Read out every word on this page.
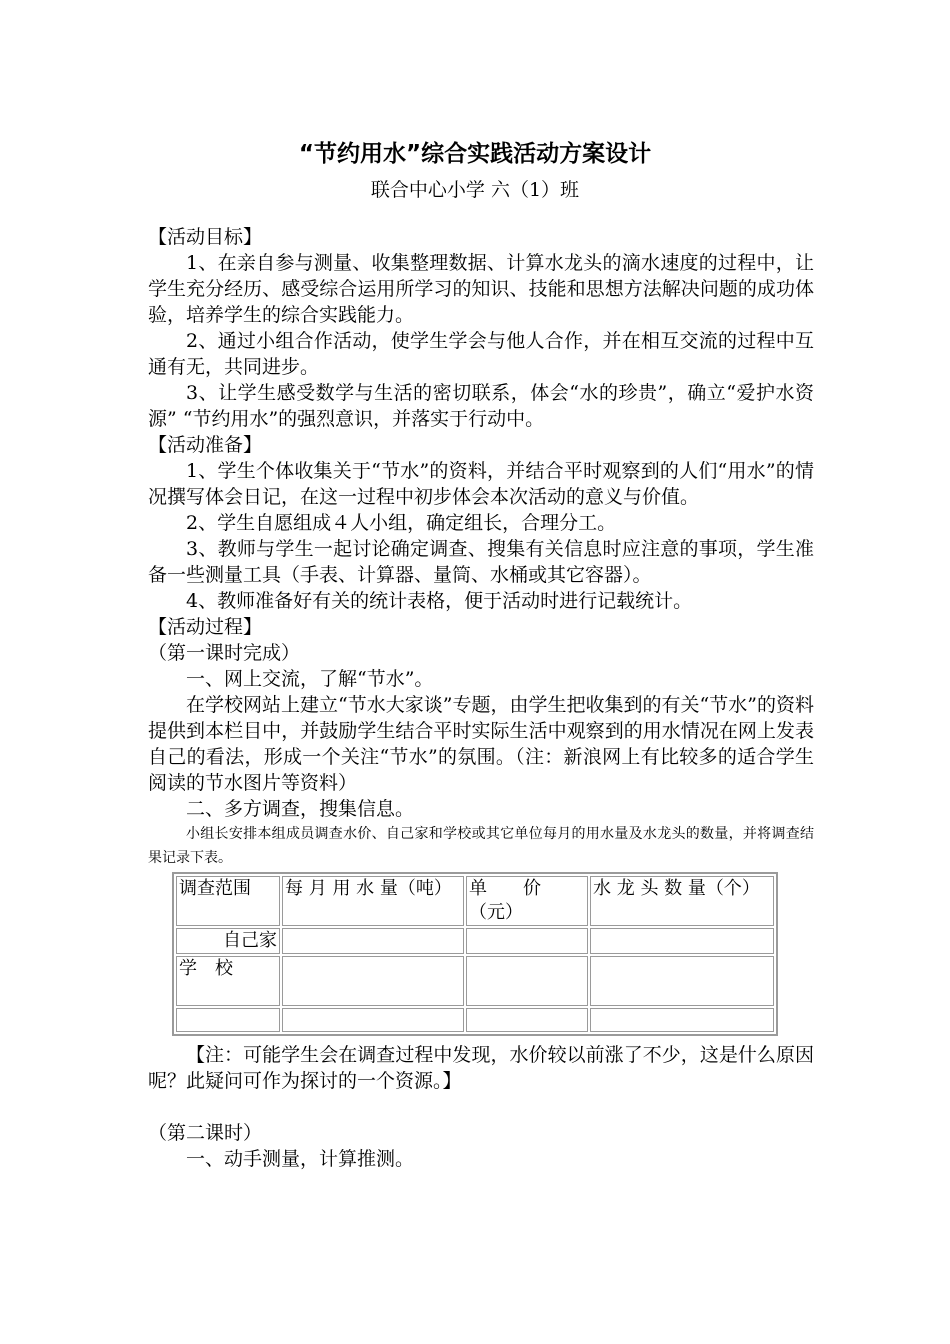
“节约用水”综合实践活动方案设计
联合中心小学 六（1）班

【活动目标】

1、在亲自参与测量、收集整理数据、计算水龙头的滴水速度的过程中，让学生充分经历、感受综合运用所学习的知识、技能和思想方法解决问题的成功体验，培养学生的综合实践能力。

2、通过小组合作活动，使学生学会与他人合作，并在相互交流的过程中互通有无，共同进步。

3、让学生感受数学与生活的密切联系，体会“水的珍贵”，确立“爱护水资源” “节约用水”的强烈意识，并落实于行动中。

【活动准备】

1、学生个体收集关于“节水”的资料，并结合平时观察到的人们“用水”的情况撰写体会日记，在这一过程中初步体会本次活动的意义与价值。

2、学生自愿组成４人小组，确定组长，合理分工。

3、教师与学生一起讨论确定调查、搜集有关信息时应注意的事项，学生准备一些测量工具（手表、计算器、量筒、水桶或其它容器）。

4、教师准备好有关的统计表格，便于活动时进行记载统计。

【活动过程】

（第一课时完成）

一、网上交流，了解“节水”。

在学校网站上建立“节水大家谈”专题，由学生把收集到的有关“节水”的资料提供到本栏目中，并鼓励学生结合平时实际生活中观察到的用水情况在网上发表自己的看法，形成一个关注“节水”的氛围。（注：新浪网上有比较多的适合学生阅读的节水图片等资料）

二、多方调查，搜集信息。

小组长安排本组成员调查水价、自己家和学校或其它单位每月的用水量及水龙头的数量，并将调查结果记录下表。

调查范围	每 月 用 水 量（吨）	单　　价（元）	水 龙 头 数 量（个）
自己家			
学　校			

【注：可能学生会在调查过程中发现，水价较以前涨了不少，这是什么原因呢？此疑问可作为探讨的一个资源。】

（第二课时）

一、动手测量，计算推测。
